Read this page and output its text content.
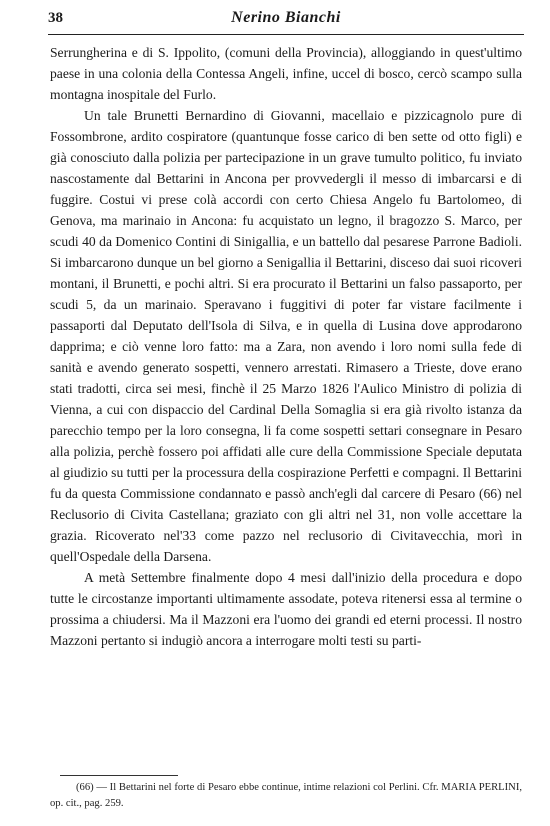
38	Nerino Bianchi

Serrungherina e di S. Ippolito, (comuni della Provincia), alloggiando in quest'ultimo paese in una colonia della Contessa Angeli, infine, uccel di bosco, cercò scampo sulla montagna inospitale del Furlo.

Un tale Brunetti Bernardino di Giovanni, macellaio e pizzicagnolo pure di Fossombrone, ardito cospiratore (quantunque fosse carico di ben sette od otto figli) e già conosciuto dalla polizia per partecipazione in un grave tumulto politico, fu inviato nascostamente dal Bettarini in Ancona per provvedergli il messo di imbarcarsi e di fuggire. Costui vi prese colà accordi con certo Chiesa Angelo fu Bartolomeo, di Genova, ma marinaio in Ancona: fu acquistato un legno, il bragozzo S. Marco, per scudi 40 da Domenico Contini di Sinigallia, e un battello dal pesarese Parrone Badioli. Si imbarcarono dunque un bel giorno a Senigallia il Bettarini, disceso dai suoi ricoveri montani, il Brunetti, e pochi altri. Si era procurato il Bettarini un falso passaporto, per scudi 5, da un marinaio. Speravano i fuggitivi di poter far vistare facilmente i passaporti dal Deputato dell'Isola di Silva, e in quella di Lusina dove approdarono dapprima; e ciò venne loro fatto: ma a Zara, non avendo i loro nomi sulla fede di sanità e avendo generato sospetti, vennero arrestati. Rimasero a Trieste, dove erano stati tradotti, circa sei mesi, finchè il 25 Marzo 1826 l'Aulico Ministro di polizia di Vienna, a cui con dispaccio del Cardinal Della Somaglia si era già rivolto istanza da parecchio tempo per la loro consegna, li fa come sospetti settari consegnare in Pesaro alla polizia, perchè fossero poi affidati alle cure della Commissione Speciale deputata al giudizio su tutti per la processura della cospirazione Perfetti e compagni. Il Bettarini fu da questa Commissione condannato e passò anch'egli dal carcere di Pesaro (66) nel Reclusorio di Civita Castellana; graziato con gli altri nel 31, non volle accettare la grazia. Ricoverato nel'33 come pazzo nel reclusorio di Civitavecchia, morì in quell'Ospedale della Darsena.

A metà Settembre finalmente dopo 4 mesi dall'inizio della procedura e dopo tutte le circostanze importanti ultimamente assodate, poteva ritenersi essa al termine o prossima a chiudersi. Ma il Mazzoni era l'uomo dei grandi ed eterni processi. Il nostro Mazzoni pertanto si indugiò ancora a interrogare molti testi su parti-

(66) — Il Bettarini nel forte di Pesaro ebbe continue, intime relazioni col Perlini. Cfr. MARIA PERLINI, op. cit., pag. 259.
